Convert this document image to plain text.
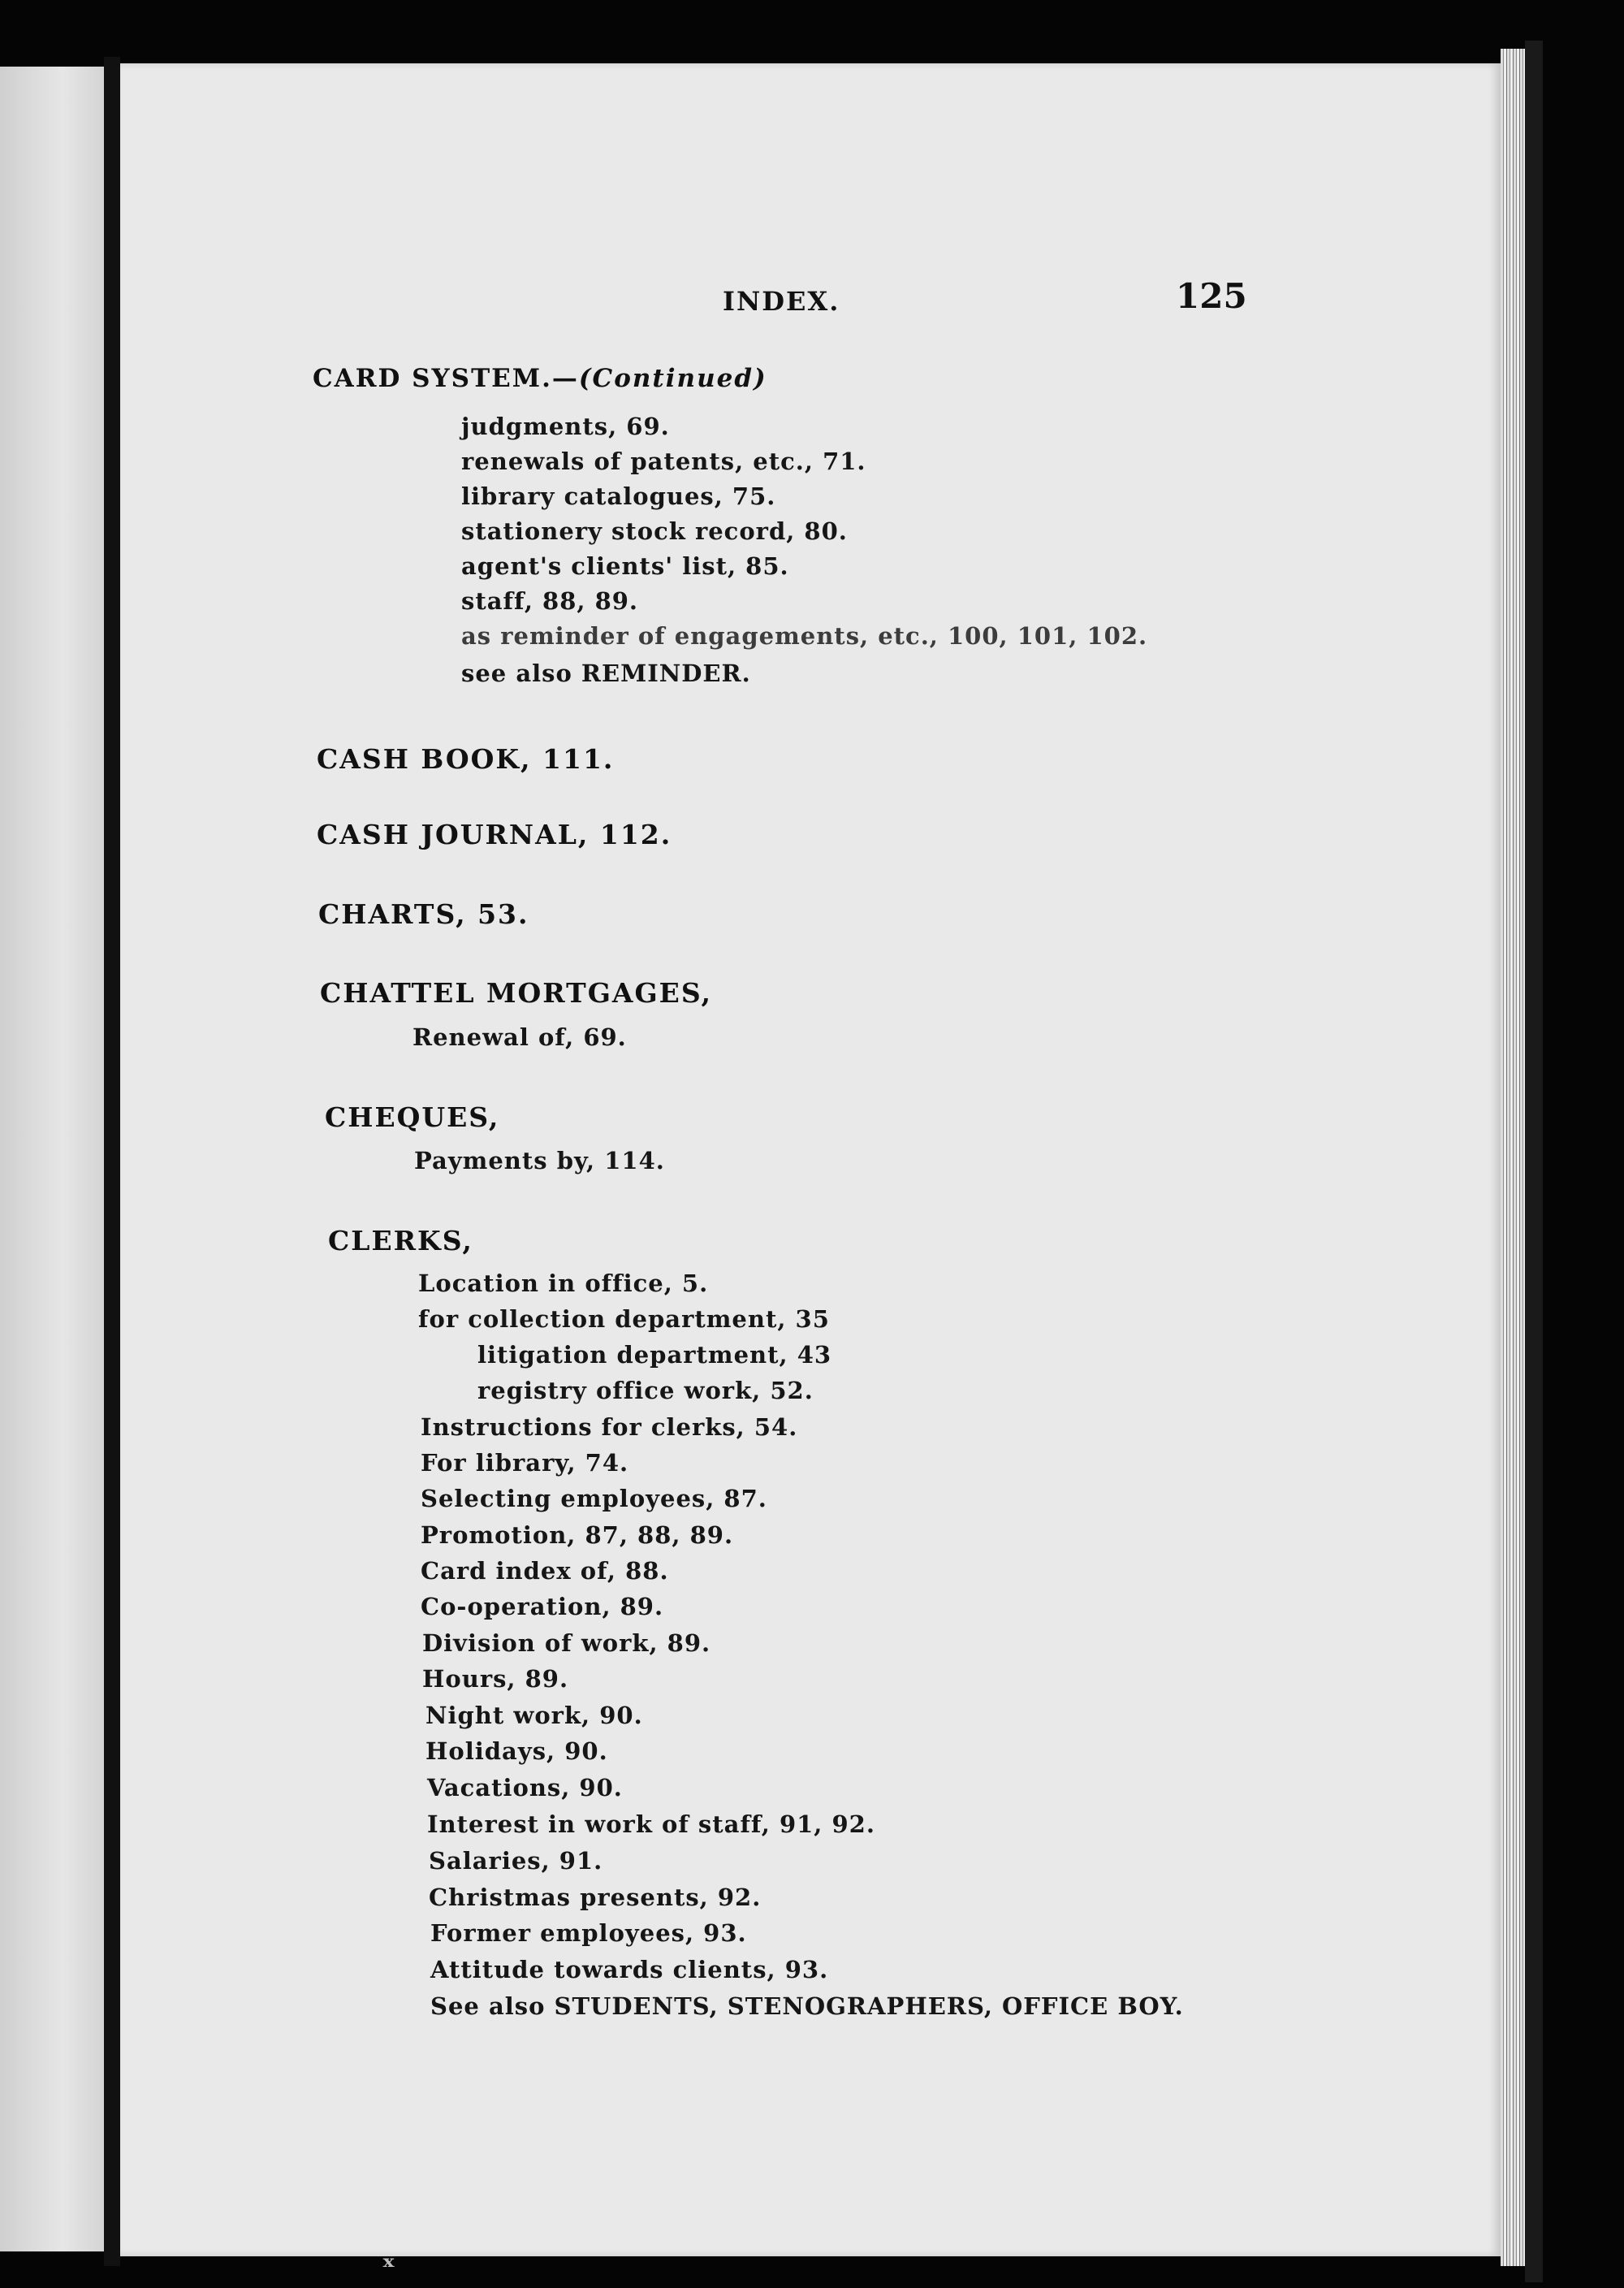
INDEX.	125
CARD SYSTEM.—(Continued)
judgments, 69.
renewals of patents, etc., 71.
library catalogues, 75.
stationery stock record, 80.
agent's clients' list, 85.
staff, 88, 89.
as reminder of engagements, etc., 100, 101, 102.
see also REMINDER.
CASH BOOK, 111.
CASH JOURNAL, 112.
CHARTS, 53.
CHATTEL MORTGAGES,
Renewal of, 69.
CHEQUES,
Payments by, 114.
CLERKS,
Location in office, 5.
for collection department, 35
litigation department, 43
registry office work, 52.
Instructions for clerks, 54.
For library, 74.
Selecting employees, 87.
Promotion, 87, 88, 89.
Card index of, 88.
Co-operation, 89.
Division of work, 89.
Hours, 89.
Night work, 90.
Holidays, 90.
Vacations, 90.
Interest in work of staff, 91, 92.
Salaries, 91.
Christmas presents, 92.
Former employees, 93.
Attitude towards clients, 93.
See also STUDENTS, STENOGRAPHERS, OFFICE BOY.
ˣ
